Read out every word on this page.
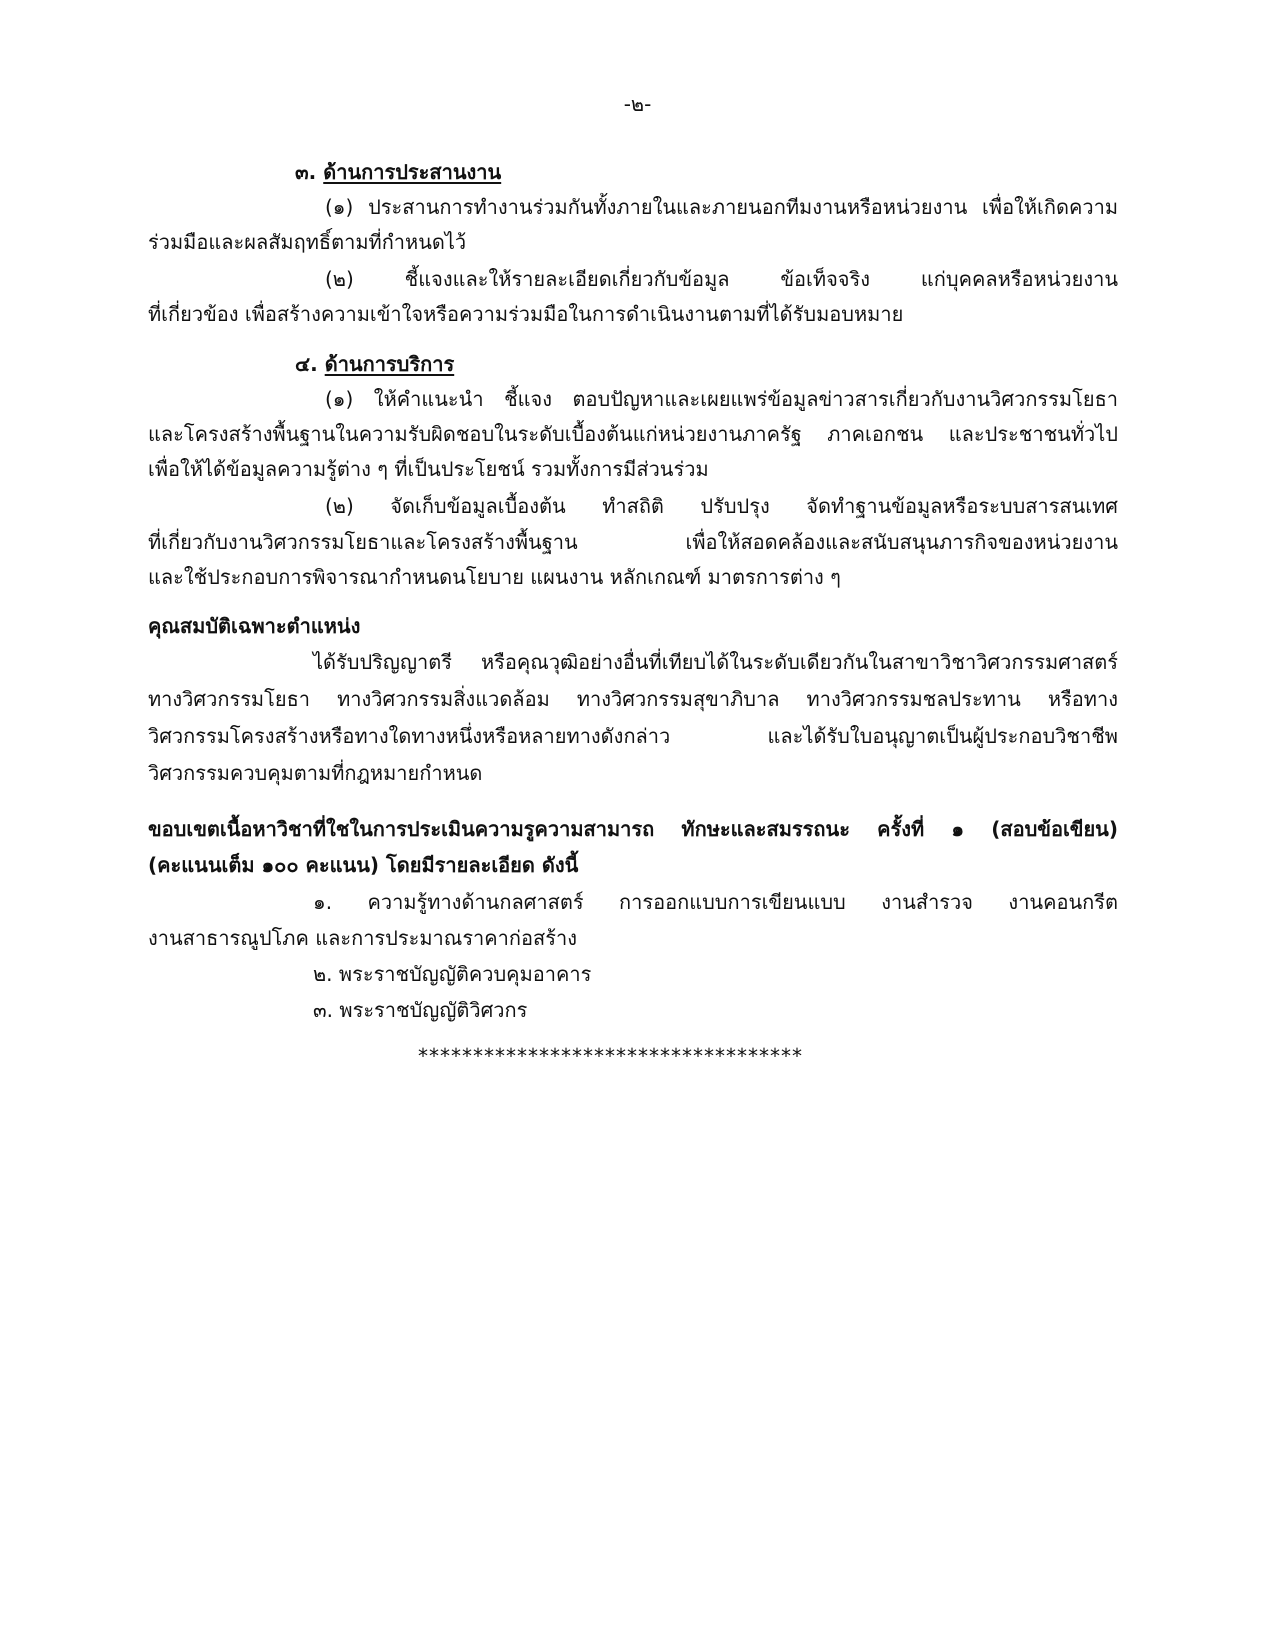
-๒-
๓. ด้านการประสานงาน
(๑) ประสานการทำงานร่วมกันทั้งภายในและภายนอกทีมงานหรือหน่วยงาน เพื่อให้เกิดความ
ร่วมมือและผลสัมฤทธิ์ตามที่กำหนดไว้
(๒) ชี้แจงและให้รายละเอียดเกี่ยวกับข้อมูล ข้อเท็จจริง แก่บุคคลหรือหน่วยงาน
ที่เกี่ยวข้อง เพื่อสร้างความเข้าใจหรือความร่วมมือในการดำเนินงานตามที่ได้รับมอบหมาย
๔. ด้านการบริการ
(๑) ให้คำแนะนำ ชี้แจง ตอบปัญหาและเผยแพร่ข้อมูลข่าวสารเกี่ยวกับงานวิศวกรรมโยธา
และโครงสร้างพื้นฐานในความรับผิดชอบในระดับเบื้องต้นแก่หน่วยงานภาครัฐ ภาคเอกชน และประชาชนทั่วไป
เพื่อให้ได้ข้อมูลความรู้ต่าง ๆ ที่เป็นประโยชน์ รวมทั้งการมีส่วนร่วม
(๒) จัดเก็บข้อมูลเบื้องต้น ทำสถิติ ปรับปรุง จัดทำฐานข้อมูลหรือระบบสารสนเทศ
ที่เกี่ยวกับงานวิศวกรรมโยธาและโครงสร้างพื้นฐาน เพื่อให้สอดคล้องและสนับสนุนภารกิจของหน่วยงาน
และใช้ประกอบการพิจารณากำหนดนโยบาย แผนงาน หลักเกณฑ์ มาตรการต่าง ๆ
คุณสมบัติเฉพาะตำแหน่ง
ได้รับปริญญาตรี หรือคุณวุฒิอย่างอื่นที่เทียบได้ในระดับเดียวกันในสาขาวิชาวิศวกรรมศาสตร์
ทางวิศวกรรมโยธา ทางวิศวกรรมสิ่งแวดล้อม ทางวิศวกรรมสุขาภิบาล ทางวิศวกรรมชลประทาน หรือทาง
วิศวกรรมโครงสร้างหรือทางใดทางหนึ่งหรือหลายทางดังกล่าว และได้รับใบอนุญาตเป็นผู้ประกอบวิชาชีพ
วิศวกรรมควบคุมตามที่กฎหมายกำหนด
ขอบเขตเนื้อหาวิชาที่ใชในการประเมินความรูความสามารถ ทักษะและสมรรถนะ ครั้งที่ ๑ (สอบข้อเขียน)
(คะแนนเต็ม ๑๐๐ คะแนน) โดยมีรายละเอียด ดังนี้
๑. ความรู้ทางด้านกลศาสตร์ การออกแบบการเขียนแบบ งานสำรวจ งานคอนกรีต
งานสาธารณูปโภค และการประมาณราคาก่อสร้าง
๒. พระราชบัญญัติควบคุมอาคาร
๓. พระราชบัญญัติวิศวกร
***********************************
